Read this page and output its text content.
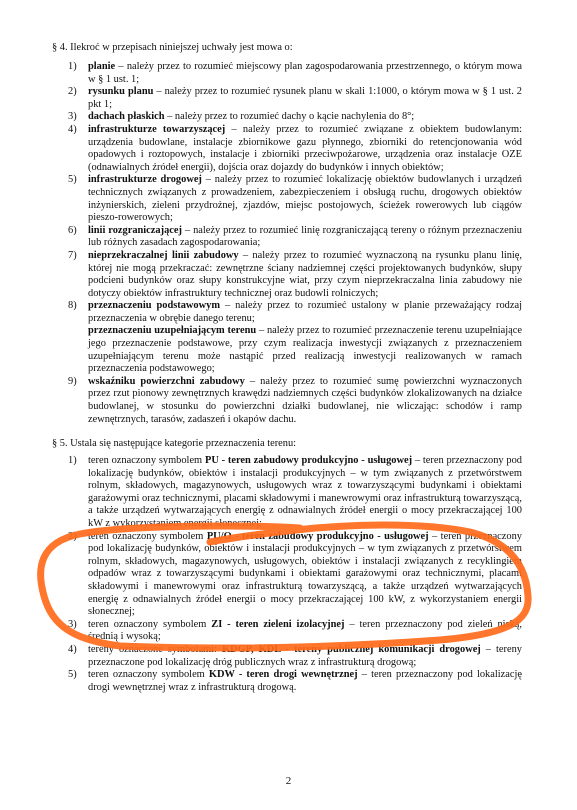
§ 4. Ilekroć w przepisach niniejszej uchwały jest mowa o:
1) planie – należy przez to rozumieć miejscowy plan zagospodarowania przestrzennego, o którym mowa w § 1 ust. 1;
2) rysunku planu – należy przez to rozumieć rysunek planu w skali 1:1000, o którym mowa w § 1 ust. 2 pkt 1;
3) dachach płaskich – należy przez to rozumieć dachy o kącie nachylenia do 8°;
4) infrastrukturze towarzyszącej – należy przez to rozumieć związane z obiektem budowlanym: urządzenia budowlane, instalacje zbiornikowe gazu płynnego, zbiorniki do retencjonowania wód opadowych i roztopowych, instalacje i zbiorniki przeciwpożarowe, urządzenia oraz instalacje OZE (odnawialnych źródeł energii), dojścia oraz dojazdy do budynków i innych obiektów;
5) infrastrukturze drogowej – należy przez to rozumieć lokalizację obiektów budowlanych i urządzeń technicznych związanych z prowadzeniem, zabezpieczeniem i obsługą ruchu, drogowych obiektów inżynierskich, zieleni przydrożnej, zjazdów, miejsc postojowych, ścieżek rowerowych lub ciągów pieszo-rowerowych;
6) linii rozgraniczającej – należy przez to rozumieć linię rozgraniczającą tereny o różnym przeznaczeniu lub różnych zasadach zagospodarowania;
7) nieprzekraczalnej linii zabudowy – należy przez to rozumieć wyznaczoną na rysunku planu linię, której nie mogą przekraczać: zewnętrzne ściany nadziemnej części projektowanych budynków, słupy podcieni budynków oraz słupy konstrukcyjne wiat, przy czym nieprzekraczalna linia zabudowy nie dotyczy obiektów infrastruktury technicznej oraz budowli rolniczych;
8) przeznaczeniu podstawowym – należy przez to rozumieć ustalony w planie przeważający rodzaj przeznaczenia w obrębie danego terenu;
przeznaczeniu uzupełniającym terenu – należy przez to rozumieć przeznaczenie terenu uzupełniające jego przeznaczenie podstawowe, przy czym realizacja inwestycji związanych z przeznaczeniem uzupełniającym terenu może nastąpić przed realizacją inwestycji realizowanych w ramach przeznaczenia podstawowego;
9) wskaźniku powierzchni zabudowy – należy przez to rozumieć sumę powierzchni wyznaczonych przez rzut pionowy zewnętrznych krawędzi nadziemnych części budynków zlokalizowanych na działce budowlanej, w stosunku do powierzchni działki budowlanej, nie wliczając: schodów i ramp zewnętrznych, tarasów, zadaszeń i okapów dachu.
§ 5. Ustala się następujące kategorie przeznaczenia terenu:
1) teren oznaczony symbolem PU - teren zabudowy produkcyjno - usługowej – teren przeznaczony pod lokalizację budynków, obiektów i instalacji produkcyjnych – w tym związanych z przetwórstwem rolnym, składowych, magazynowych, usługowych wraz z towarzyszącymi budynkami i obiektami garażowymi oraz technicznymi, placami składowymi i manewrowymi oraz infrastrukturą towarzyszącą, a także urządzeń wytwarzających energię z odnawialnych źródeł energii o mocy przekraczającej 100 kW z wykorzystaniem energii słonecznej;
2) teren oznaczony symbolem PU/O - teren zabudowy produkcyjno - usługowej – teren przeznaczony pod lokalizację budynków, obiektów i instalacji produkcyjnych – w tym związanych z przetwórstwem rolnym, składowych, magazynowych, usługowych, obiektów i instalacji związanych z recyklingiem odpadów wraz z towarzyszącymi budynkami i obiektami garażowymi oraz technicznymi, placami składowymi i manewrowymi oraz infrastrukturą towarzyszącą, a także urządzeń wytwarzających energię z odnawialnych źródeł energii o mocy przekraczającej 100 kW, z wykorzystaniem energii słonecznej;
3) teren oznaczony symbolem ZI - teren zieleni izolacyjnej – teren przeznaczony pod zieleń niską, średnią i wysoką;
4) tereny oznaczone symbolami: KDGP, KDL - tereny publicznej komunikacji drogowej – tereny przeznaczone pod lokalizację dróg publicznych wraz z infrastrukturą drogową;
5) teren oznaczony symbolem KDW - teren drogi wewnętrznej – teren przeznaczony pod lokalizację drogi wewnętrznej wraz z infrastrukturą drogową.
2
